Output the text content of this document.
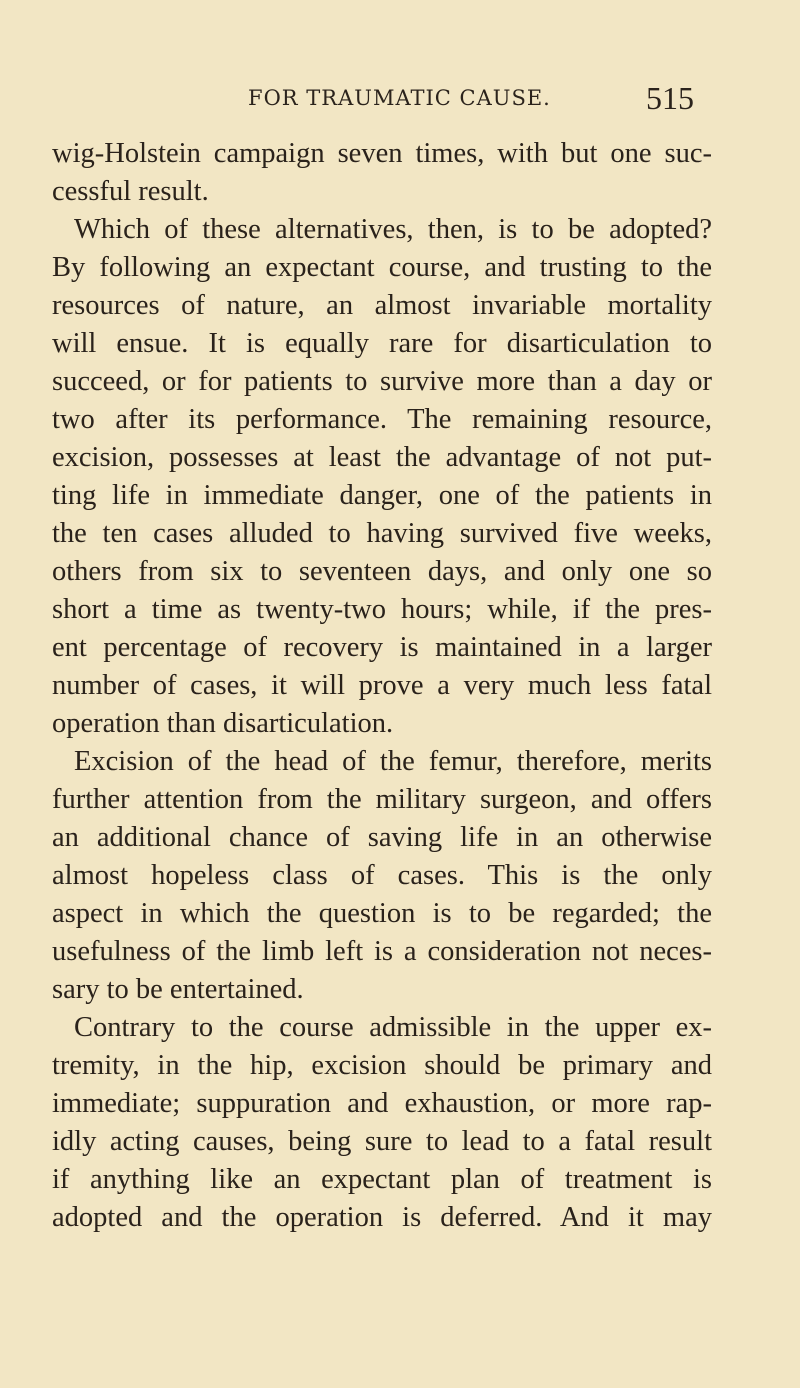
FOR TRAUMATIC CAUSE.	515
wig-Holstein campaign seven times, with but one suc-
cessful result.
Which of these alternatives, then, is to be adopted?
By following an expectant course, and trusting to the
resources of nature, an almost invariable mortality
will ensue. It is equally rare for disarticulation to
succeed, or for patients to survive more than a day or
two after its performance. The remaining resource,
excision, possesses at least the advantage of not put-
ting life in immediate danger, one of the patients in
the ten cases alluded to having survived five weeks,
others from six to seventeen days, and only one so
short a time as twenty-two hours; while, if the pres-
ent percentage of recovery is maintained in a larger
number of cases, it will prove a very much less fatal
operation than disarticulation.
Excision of the head of the femur, therefore, merits
further attention from the military surgeon, and offers
an additional chance of saving life in an otherwise
almost hopeless class of cases. This is the only
aspect in which the question is to be regarded; the
usefulness of the limb left is a consideration not neces-
sary to be entertained.
Contrary to the course admissible in the upper ex-
tremity, in the hip, excision should be primary and
immediate; suppuration and exhaustion, or more rap-
idly acting causes, being sure to lead to a fatal result
if anything like an expectant plan of treatment is
adopted and the operation is deferred. And it may
